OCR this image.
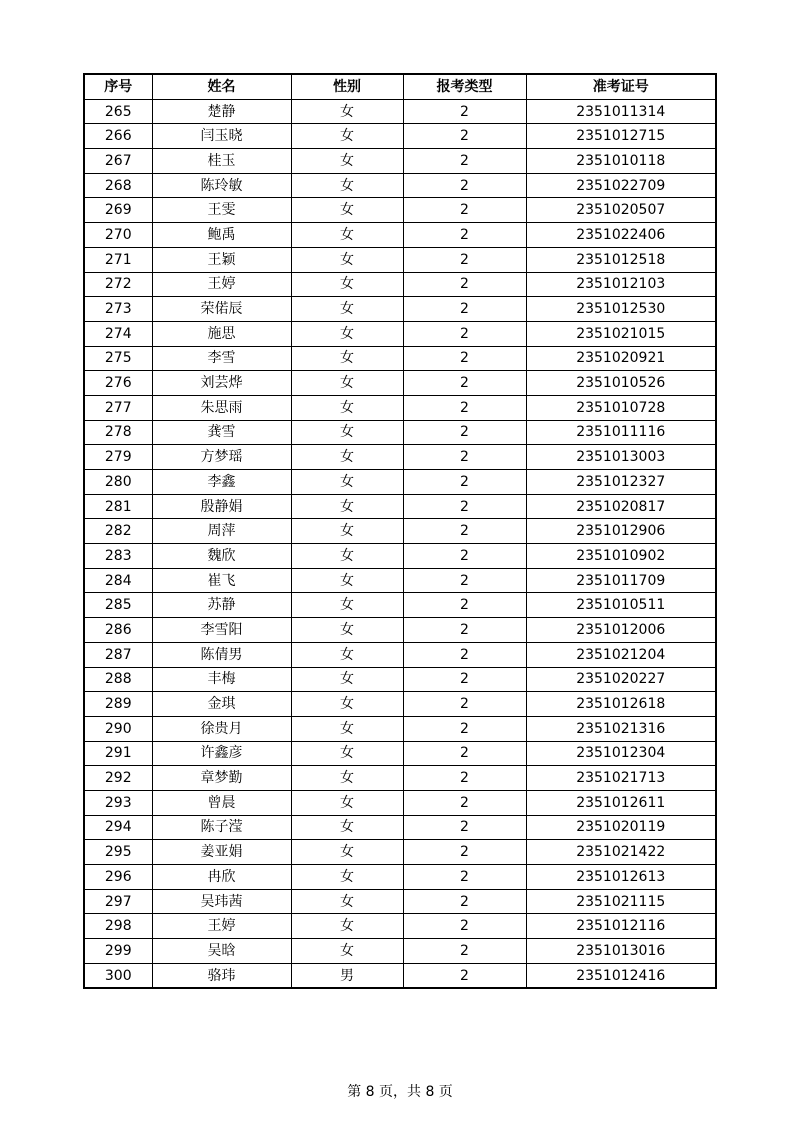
序号	姓名	性别	报考类型	准考证号
265	楚静	女	2	2351011314
266	闫玉晓	女	2	2351012715
267	桂玉	女	2	2351010118
268	陈玲敏	女	2	2351022709
269	王雯	女	2	2351020507
270	鲍禹	女	2	2351022406
271	王颖	女	2	2351012518
272	王婷	女	2	2351012103
273	荣偌辰	女	2	2351012530
274	施思	女	2	2351021015
275	李雪	女	2	2351020921
276	刘芸烨	女	2	2351010526
277	朱思雨	女	2	2351010728
278	龚雪	女	2	2351011116
279	方梦瑶	女	2	2351013003
280	李鑫	女	2	2351012327
281	殷静娟	女	2	2351020817
282	周萍	女	2	2351012906
283	魏欣	女	2	2351010902
284	崔飞	女	2	2351011709
285	苏静	女	2	2351010511
286	李雪阳	女	2	2351012006
287	陈倩男	女	2	2351021204
288	丰梅	女	2	2351020227
289	金琪	女	2	2351012618
290	徐贵月	女	2	2351021316
291	许鑫彦	女	2	2351012304
292	章梦勤	女	2	2351021713
293	曾晨	女	2	2351012611
294	陈子滢	女	2	2351020119
295	姜亚娟	女	2	2351021422
296	冉欣	女	2	2351012613
297	吴玮茜	女	2	2351021115
298	王婷	女	2	2351012116
299	吴晗	女	2	2351013016
300	骆玮	男	2	2351012416
第 8 页，共 8 页
